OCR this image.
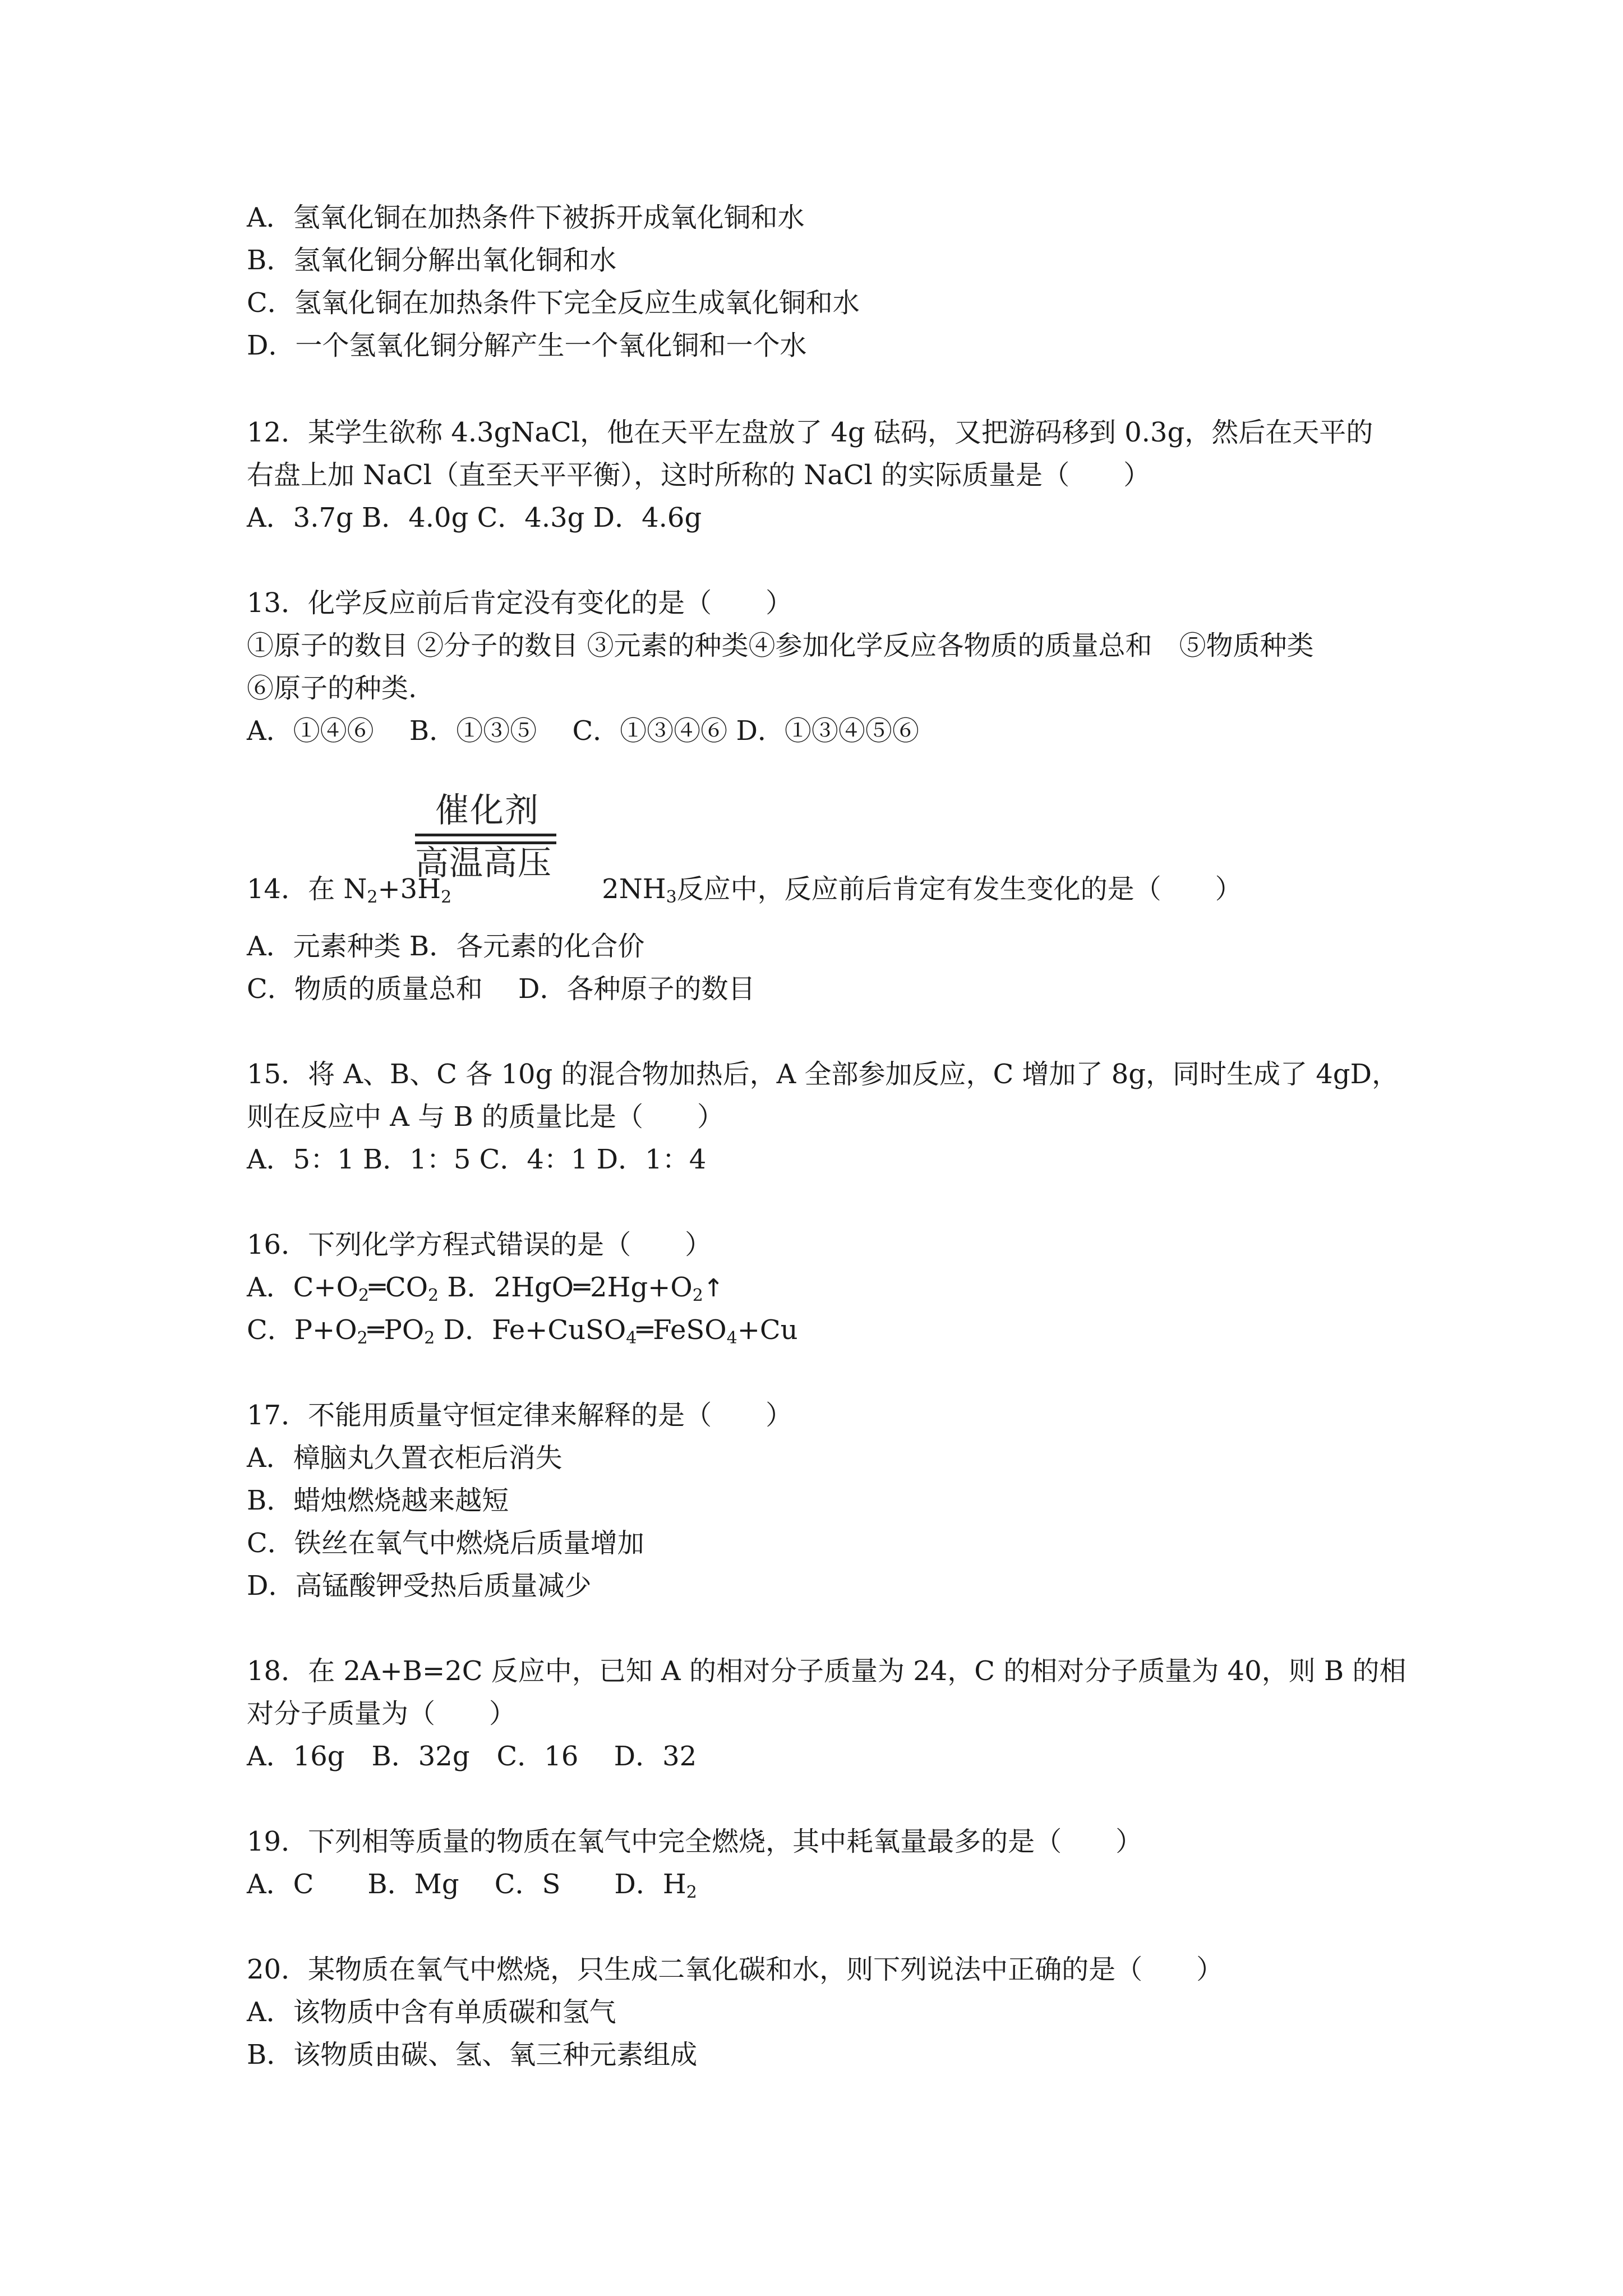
A．氢氧化铜在加热条件下被拆开成氧化铜和水
B．氢氧化铜分解出氧化铜和水
C．氢氧化铜在加热条件下完全反应生成氧化铜和水
D．一个氢氧化铜分解产生一个氧化铜和一个水
12．某学生欲称 4.3gNaCl，他在天平左盘放了 4g 砝码，又把游码移到 0.3g，然后在天平的
右盘上加 NaCl（直至天平平衡），这时所称的 NaCl 的实际质量是（　　）
A．3.7g B．4.0g C．4.3g D．4.6g
13．化学反应前后肯定没有变化的是（　　）
①原子的数目 ②分子的数目 ③元素的种类④参加化学反应各物质的质量总和　⑤物质种类
⑥原子的种类.
A．①④⑥　 B．①③⑤　 C．①③④⑥ D．①③④⑤⑥
催化剂
高温高压
14．在 $N_2+3H_2$	$2NH_3$反应中，反应前后肯定有发生变化的是（　　）
A．元素种类 B．各元素的化合价
C．物质的质量总和　 D．各种原子的数目
15．将 A、B、C 各 10g 的混合物加热后，A 全部参加反应，C 增加了 8g，同时生成了 4gD，
则在反应中 A 与 B 的质量比是（　　）
A．5：1 B．1：5 C．4：1 D．1：4
16．下列化学方程式错误的是（　　）
A．$C+O_2═CO_2$ B．$2HgO═2Hg+O_2↑$
C．$P+O_2═PO_2$ D．Fe+CuSO$_4$═FeSO$_4$+Cu
17．不能用质量守恒定律来解释的是（　　）
A．樟脑丸久置衣柜后消失
B．蜡烛燃烧越来越短
C．铁丝在氧气中燃烧后质量增加
D．高锰酸钾受热后质量减少
18．在 2A+B=2C 反应中，已知 A 的相对分子质量为 24，C 的相对分子质量为 40，则 B 的相
对分子质量为（　　）
A．16g　B．32g　C．16　 D．32
19．下列相等质量的物质在氧气中完全燃烧，其中耗氧量最多的是（　　）
A．C　　B．Mg　 C．S　　D．$H_2$
20．某物质在氧气中燃烧，只生成二氧化碳和水，则下列说法中正确的是（　　）
A．该物质中含有单质碳和氢气
B．该物质由碳、氢、氧三种元素组成
